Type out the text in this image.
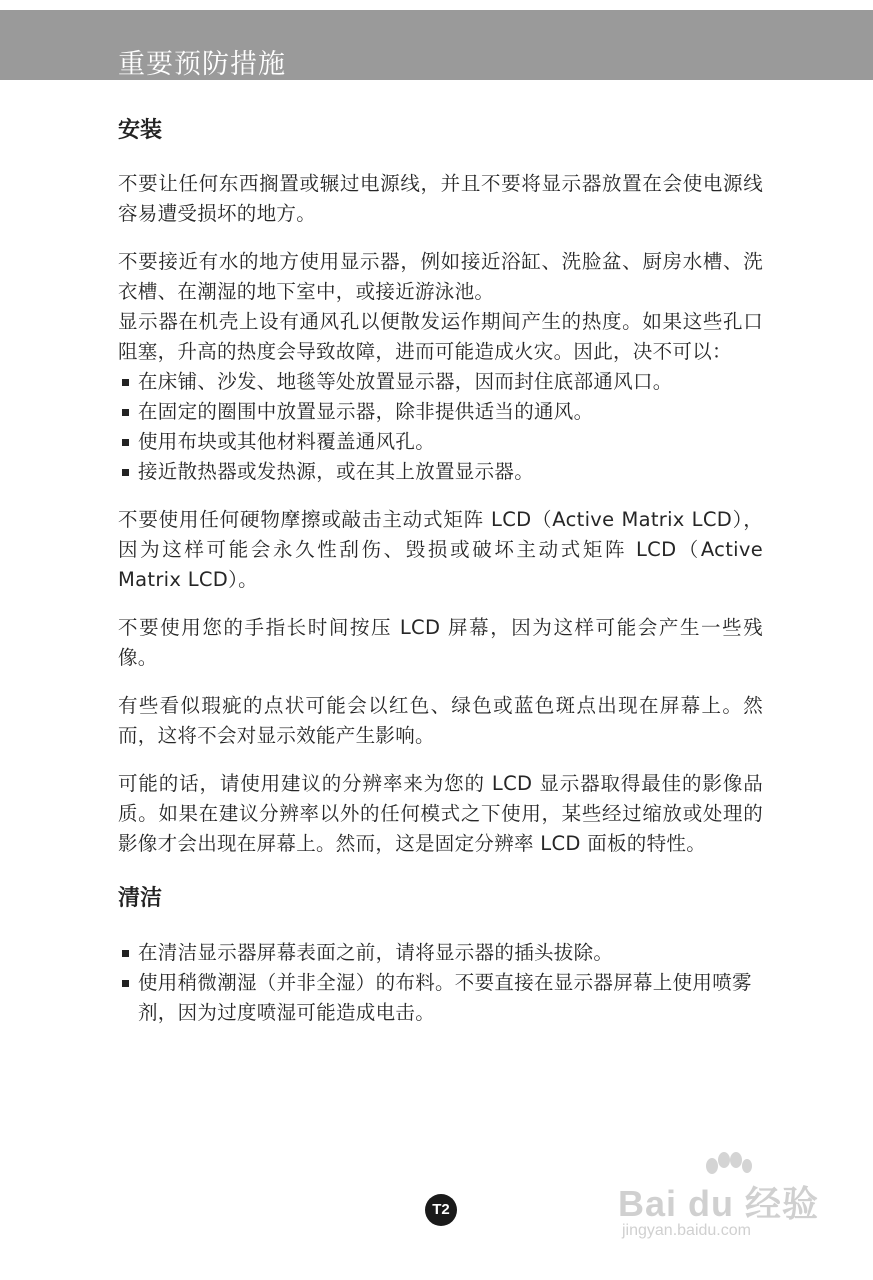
重要预防措施
安装

不要让任何东西搁置或辗过电源线，并且不要将显示器放置在会使电源线容易遭受损坏的地方。

不要接近有水的地方使用显示器，例如接近浴缸、洗脸盆、厨房水槽、洗衣槽、在潮湿的地下室中，或接近游泳池。

显示器在机壳上设有通风孔以便散发运作期间产生的热度。如果这些孔口阻塞，升高的热度会导致故障，进而可能造成火灾。因此，决不可以：

在床铺、沙发、地毯等处放置显示器，因而封住底部通风口。
在固定的圈围中放置显示器，除非提供适当的通风。
使用布块或其他材料覆盖通风孔。
接近散热器或发热源，或在其上放置显示器。

不要使用任何硬物摩擦或敲击主动式矩阵 LCD（Active Matrix LCD），因为这样可能会永久性刮伤、毁损或破坏主动式矩阵 LCD（Active Matrix LCD）。

不要使用您的手指长时间按压 LCD 屏幕，因为这样可能会产生一些残像。

有些看似瑕疵的点状可能会以红色、绿色或蓝色斑点出现在屏幕上。然而，这将不会对显示效能产生影响。

可能的话，请使用建议的分辨率来为您的 LCD 显示器取得最佳的影像品质。如果在建议分辨率以外的任何模式之下使用，某些经过缩放或处理的影像才会出现在屏幕上。然而，这是固定分辨率 LCD 面板的特性。

清洁
在清洁显示器屏幕表面之前，请将显示器的插头拔除。
使用稍微潮湿（并非全湿）的布料。不要直接在显示器屏幕上使用喷雾剂，因为过度喷湿可能造成电击。
T2	Bai du 经验
jingyan.baidu.com
